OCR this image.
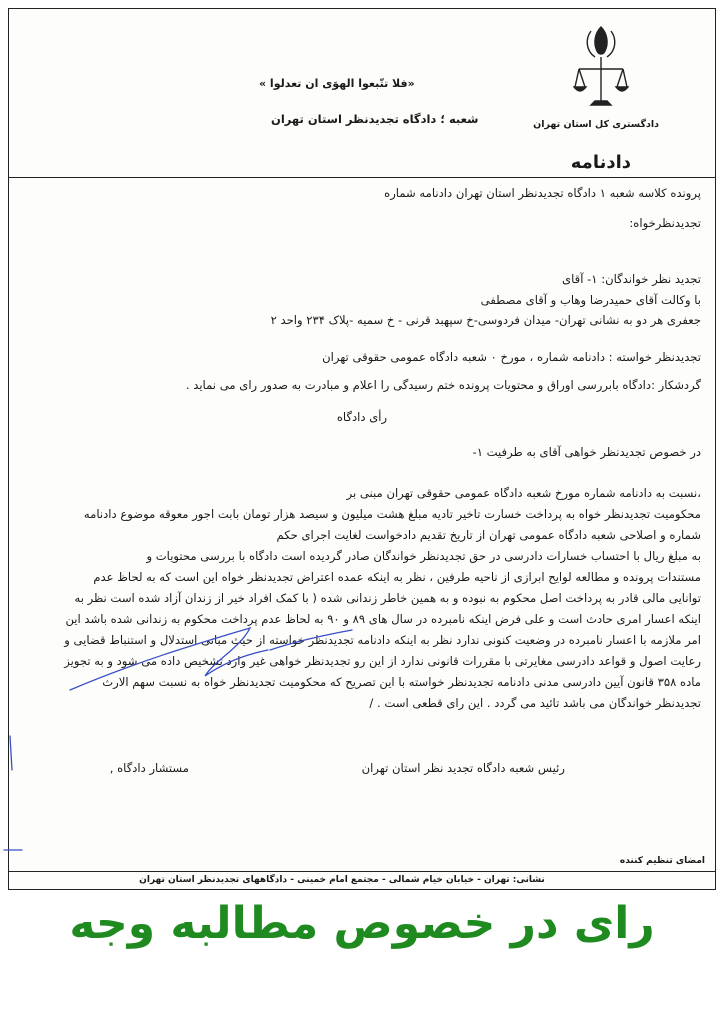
«فلا تتّبعوا الهوَی ان تعدلوا »
شعبه ؛ دادگاه تجدیدنظر استان تهران	دادگستری کل استان تهران
دادنامه
پرونده کلاسه شعبه ۱ دادگاه تجدیدنظر استان تهران دادنامه شماره
تجدیدنظرخواه:
تجدید نظر خواندگان: ۱- آقای
با وکالت آقای حمیدرضا وهاب و آقای مصطفی
جعفری هر دو به نشانی تهران- میدان فردوسی-خ سپهبد قرنی - خ سمیه -پلاک ۲۳۴ واحد ۲
تجدیدنظر خواسته : دادنامه شماره ، مورخ ۰ شعبه دادگاه عمومی حقوقی تهران
گردشکار :دادگاه بابررسی اوراق و محتویات پرونده ختم رسیدگی را اعلام و مبادرت به صدور رای می نماید .
رأی دادگاه
در خصوص تجدیدنظر خواهی آقای به طرفیت ۱-
،نسبت به دادنامه شماره مورخ شعبه دادگاه عمومی حقوقی تهران مبنی بر
محکومیت تجدیدنظر خواه به پرداخت خسارت تاخیر تادیه مبلغ هشت میلیون و سیصد هزار تومان بابت اجور معوقه موضوع دادنامه
شماره و اصلاحی شعبه دادگاه عمومی تهران از تاریخ تقدیم دادخواست لغایت اجرای حکم
به مبلغ ریال با احتساب خسارات دادرسی در حق تجدیدنظر خواندگان صادر گردیده است دادگاه با بررسی محتویات و
مستندات پرونده و مطالعه لوایح ابرازی از ناحیه طرفین ، نظر به اینکه عمده اعتراض تجدیدنظر خواه این است که به لحاظ عدم
توانایی مالی قادر به پرداخت اصل محکوم به نبوده و به همین خاطر زندانی شده ( با کمک افراد خیر از زندان آزاد شده است نظر به
اینکه اعسار امری حادث است و علی فرض اینکه نامبرده در سال های ۸۹ و ۹۰ به لحاظ عدم پرداخت محکوم به زندانی شده باشد این
امر ملازمه با اعسار نامبرده در وضعیت کنونی ندارد نظر به اینکه دادنامه تجدیدنظر خواسته از حیث مبانی استدلال و استنباط قضایی و
رعایت اصول و قواعد دادرسی مغایرتی با مقررات قانونی ندارد از این رو تجدیدنظر خواهی غیر وارد تشخیص داده می شود و به تجویز
ماده ۳۵۸ قانون آیین دادرسی مدنی دادنامه تجدیدنظر خواسته با این تصریح که محکومیت تجدیدنظر خواه به نسبت سهم الارث
تجدیدنظر خواندگان می باشد تائید می گردد . این رای قطعی است . /
رئیس شعبه دادگاه تجدید نظر استان تهران
مستشار دادگاه ,
امضای تنظیم کننده
نشانی: تهران - خیابان خیام شمالی - مجتمع امام خمینی - دادگاههای تجدیدنظر استان تهران
رای در خصوص مطالبه وجه
